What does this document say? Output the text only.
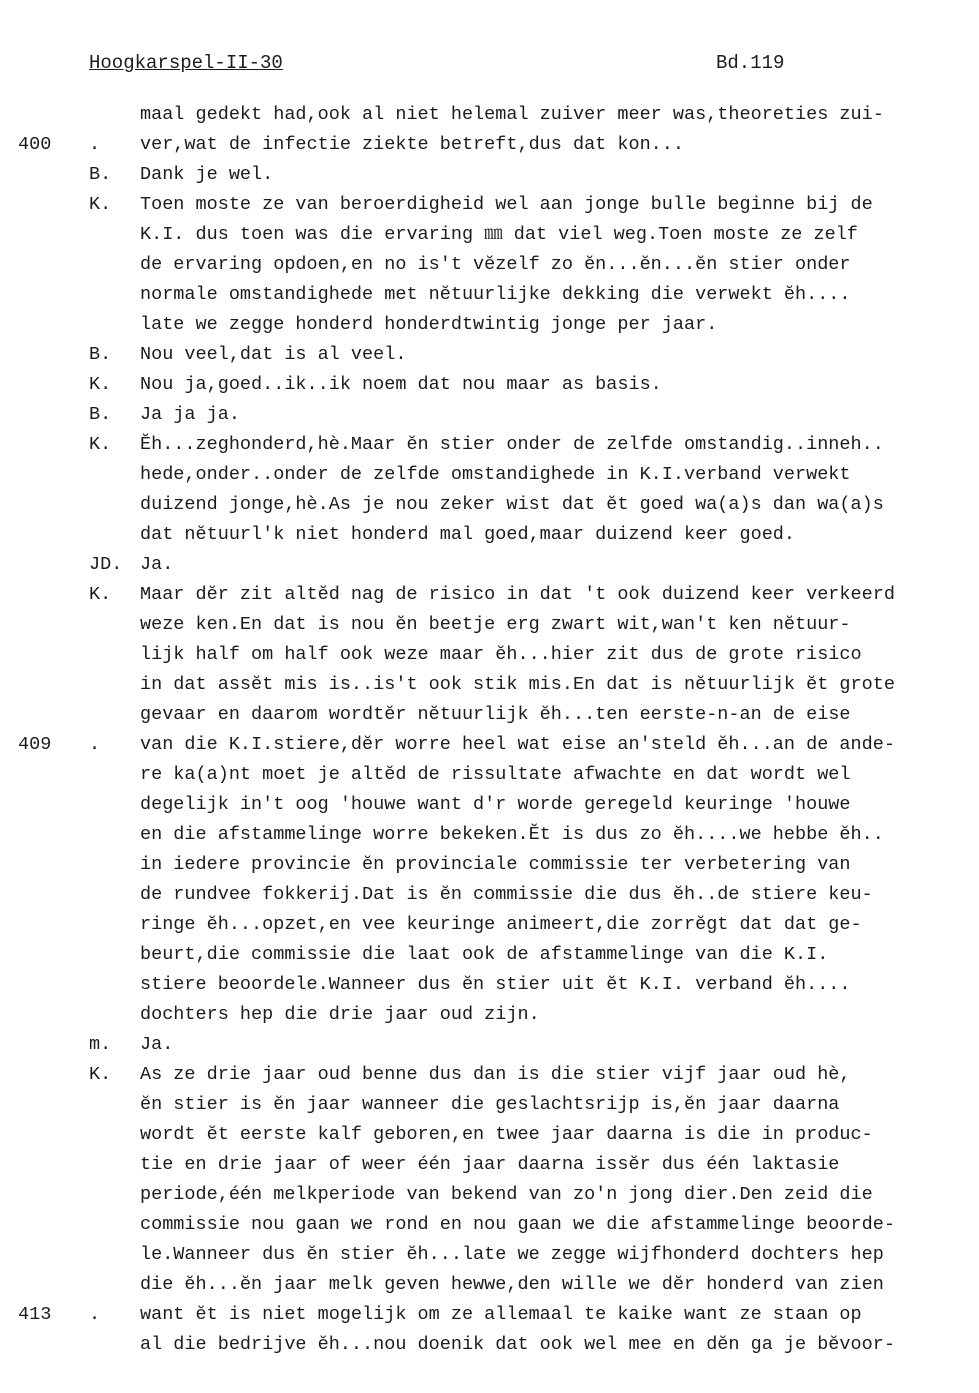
Hoogkarspel-II-30	Bd.119
maal gedekt had,ook al niet helemal zuiver meer was,theoreties zui-
400 . ver,wat de infectie ziekte betreft,dus dat kon...
B. Dank je wel.
K. Toen moste ze van beroerdigheid wel aan jonge bulle beginne bij de
K.I. dus toen was die ervaring ㎜ dat viel weg.Toen moste ze zelf
de ervaring opdoen,en no is't vĕzelf zo ĕn...ĕn...ĕn stier onder
normale omstandighede met nĕtuurlijke dekking die verwekt ĕh....
late we zegge honderd honderdtwintig jonge per jaar.
B. Nou veel,dat is al veel.
K. Nou ja,goed..ik..ik noem dat nou maar as basis.
B. Ja ja ja.
K. Ĕh...zeghonderd,hè.Maar ĕn stier onder de zelfde omstandig..inneh..
hede,onder..onder de zelfde omstandighede in K.I.verband verwekt
duizend jonge,hè.As je nou zeker wist dat ĕt goed wa(a)s dan wa(a)s
dat nĕtuurl'k niet honderd mal goed,maar duizend keer goed.
JD. Ja.
K. Maar dĕr zit altĕd nag de risico in dat 't ook duizend keer verkeerd
weze ken.En dat is nou ĕn beetje erg zwart wit,wan't ken nĕtuur-
lijk half om half ook weze maar ĕh...hier zit dus de grote risico
in dat assĕt mis is..is't ook stik mis.En dat is nĕtuurlijk ĕt grote
gevaar en daarom wordtĕr nĕtuurlijk ĕh...ten eerste-n-an de eise
409 . van die K.I.stiere,dĕr worre heel wat eise an'steld ĕh...an de ande-
re ka(a)nt moet je altĕd de rissultate afwachte en dat wordt wel
degelijk in't oog 'houwe want d'r worde geregeld keuringe 'houwe
en die afstammelinge worre bekeken.Ĕt is dus zo ĕh....we hebbe ĕh..
in iedere provincie ĕn provinciale commissie ter verbetering van
de rundvee fokkerij.Dat is ĕn commissie die dus ĕh..de stiere keu-
ringe ĕh...opzet,en vee keuringe animeert,die zorrĕgt dat dat ge-
beurt,die commissie die laat ook de afstammelinge van die K.I.
stiere beoordele.Wanneer dus ĕn stier uit ĕt K.I. verband ĕh....
dochters hep die drie jaar oud zijn.
m. Ja.
K. As ze drie jaar oud benne dus dan is die stier vijf jaar oud hè,
ĕn stier is ĕn jaar wanneer die geslachtsrijp is,ĕn jaar daarna
wordt ĕt eerste kalf geboren,en twee jaar daarna is die in produc-
tie en drie jaar of weer één jaar daarna issĕr dus één laktasie
periode,één melkperiode van bekend van zo'n jong dier.Den zeid die
commissie nou gaan we rond en nou gaan we die afstammelinge beoorde-
le.Wanneer dus ĕn stier ĕh...late we zegge wijfhonderd dochters hep
die ĕh...ĕn jaar melk geven hewwe,den wille we dĕr honderd van zien
413 . want ĕt is niet mogelijk om ze allemaal te kaike want ze staan op
al die bedrijve ĕh...nou doenik dat ook wel mee en dĕn ga je bĕvoor-
